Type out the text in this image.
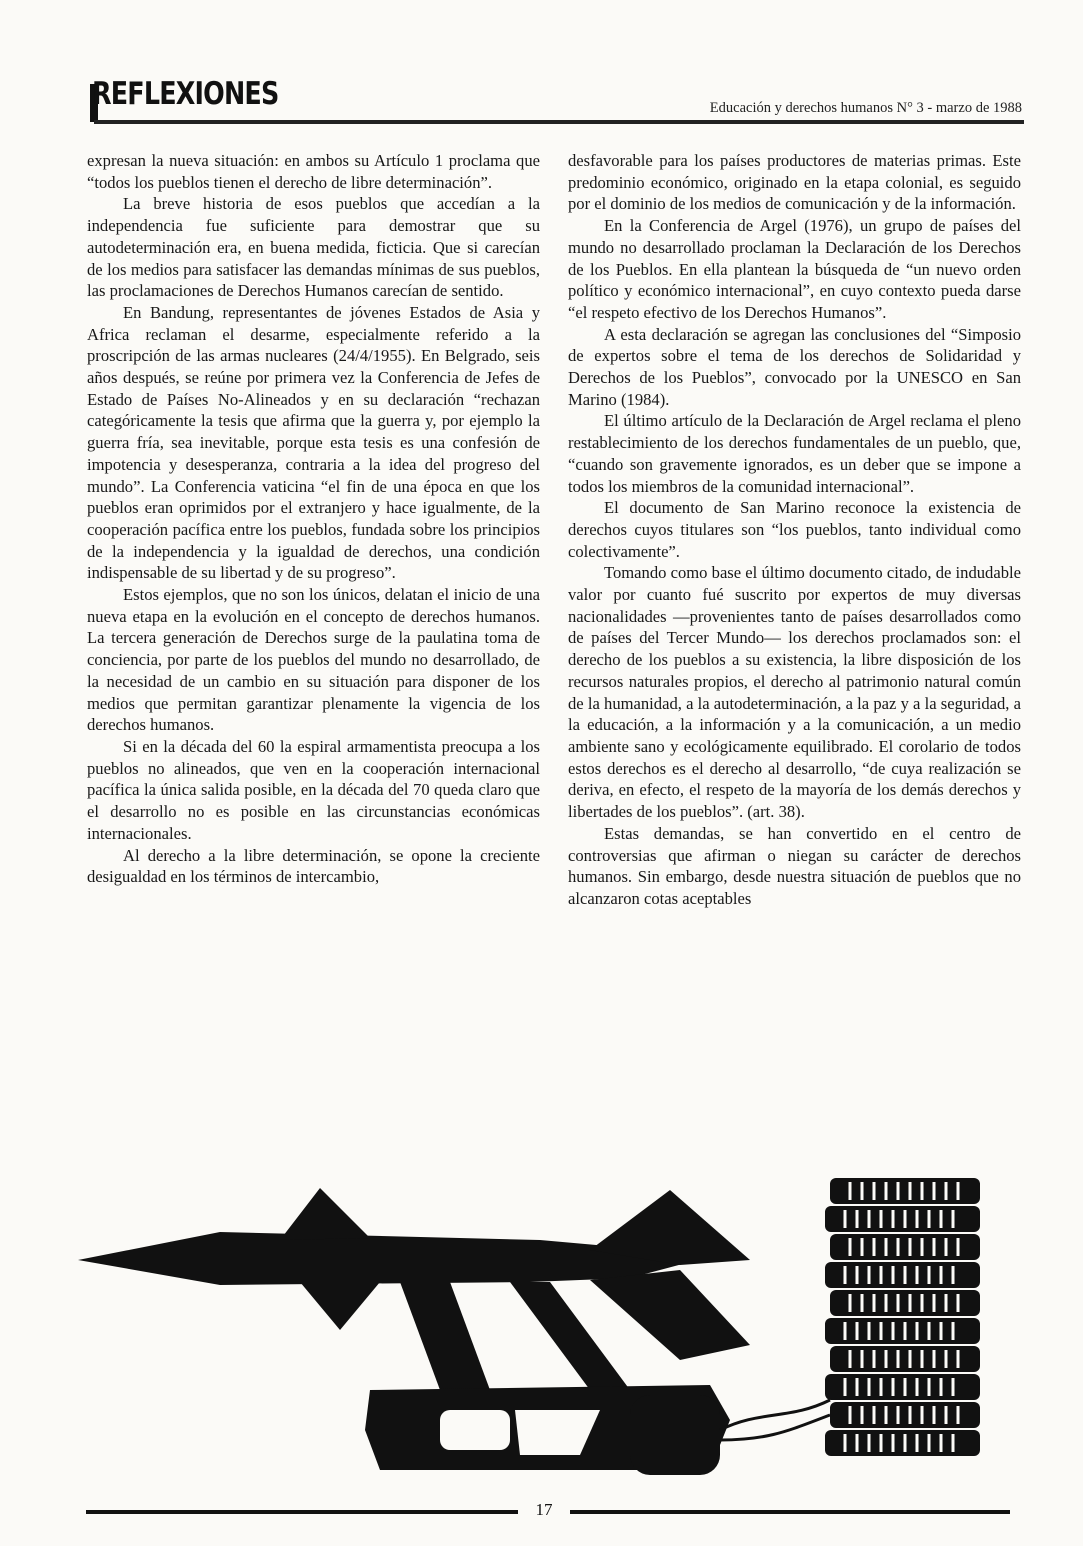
REFLEXIONES	Educación y derechos humanos N° 3 - marzo de 1988

expresan la nueva situación: en ambos su Artículo 1 proclama que “todos los pueblos tienen el derecho de libre determinación”.

La breve historia de esos pueblos que accedían a la independencia fue suficiente para demostrar que su autodeterminación era, en buena medida, ficticia. Que si carecían de los medios para satisfacer las demandas mínimas de sus pueblos, las proclamaciones de Derechos Humanos carecían de sentido.

En Bandung, representantes de jóvenes Estados de Asia y Africa reclaman el desarme, especialmente referido a la proscripción de las armas nucleares (24/4/1955). En Belgrado, seis años después, se reúne por primera vez la Conferencia de Jefes de Estado de Países No-Alineados y en su declaración “rechazan categóricamente la tesis que afirma que la guerra y, por ejemplo la guerra fría, sea inevitable, porque esta tesis es una confesión de impotencia y desesperanza, contraria a la idea del progreso del mundo”. La Conferencia vaticina “el fin de una época en que los pueblos eran oprimidos por el extranjero y hace igualmente, de la cooperación pacífica entre los pueblos, fundada sobre los principios de la independencia y la igualdad de derechos, una condición indispensable de su libertad y de su progreso”.

Estos ejemplos, que no son los únicos, delatan el inicio de una nueva etapa en la evolución en el concepto de derechos humanos. La tercera generación de Derechos surge de la paulatina toma de conciencia, por parte de los pueblos del mundo no desarrollado, de la necesidad de un cambio en su situación para disponer de los medios que permitan garantizar plenamente la vigencia de los derechos humanos.

Si en la década del 60 la espiral armamentista preocupa a los pueblos no alineados, que ven en la cooperación internacional pacífica la única salida posible, en la década del 70 queda claro que el desarrollo no es posible en las circunstancias económicas internacionales.

Al derecho a la libre determinación, se opone la creciente desigualdad en los términos de intercambio,

desfavorable para los países productores de materias primas. Este predominio económico, originado en la etapa colonial, es seguido por el dominio de los medios de comunicación y de la información.

En la Conferencia de Argel (1976), un grupo de países del mundo no desarrollado proclaman la Declaración de los Derechos de los Pueblos. En ella plantean la búsqueda de “un nuevo orden político y económico internacional”, en cuyo contexto pueda darse “el respeto efectivo de los Derechos Humanos”.

A esta declaración se agregan las conclusiones del “Simposio de expertos sobre el tema de los derechos de Solidaridad y Derechos de los Pueblos”, convocado por la UNESCO en San Marino (1984).

El último artículo de la Declaración de Argel reclama el pleno restablecimiento de los derechos fundamentales de un pueblo, que, “cuando son gravemente ignorados, es un deber que se impone a todos los miembros de la comunidad internacional”.

El documento de San Marino reconoce la existencia de derechos cuyos titulares son “los pueblos, tanto individual como colectivamente”.

Tomando como base el último documento citado, de indudable valor por cuanto fué suscrito por expertos de muy diversas nacionalidades —provenientes tanto de países desarrollados como de países del Tercer Mundo— los derechos proclamados son: el derecho de los pueblos a su existencia, la libre disposición de los recursos naturales propios, el derecho al patrimonio natural común de la humanidad, a la autodeterminación, a la paz y a la seguridad, a la educación, a la información y a la comunicación, a un medio ambiente sano y ecológicamente equilibrado. El corolario de todos estos derechos es el derecho al desarrollo, “de cuya realización se deriva, en efecto, el respeto de la mayoría de los demás derechos y libertades de los pueblos”. (art. 38).

Estas demandas, se han convertido en el centro de controversias que afirman o niegan su carácter de derechos humanos. Sin embargo, desde nuestra situación de pueblos que no alcanzaron cotas aceptables

17
